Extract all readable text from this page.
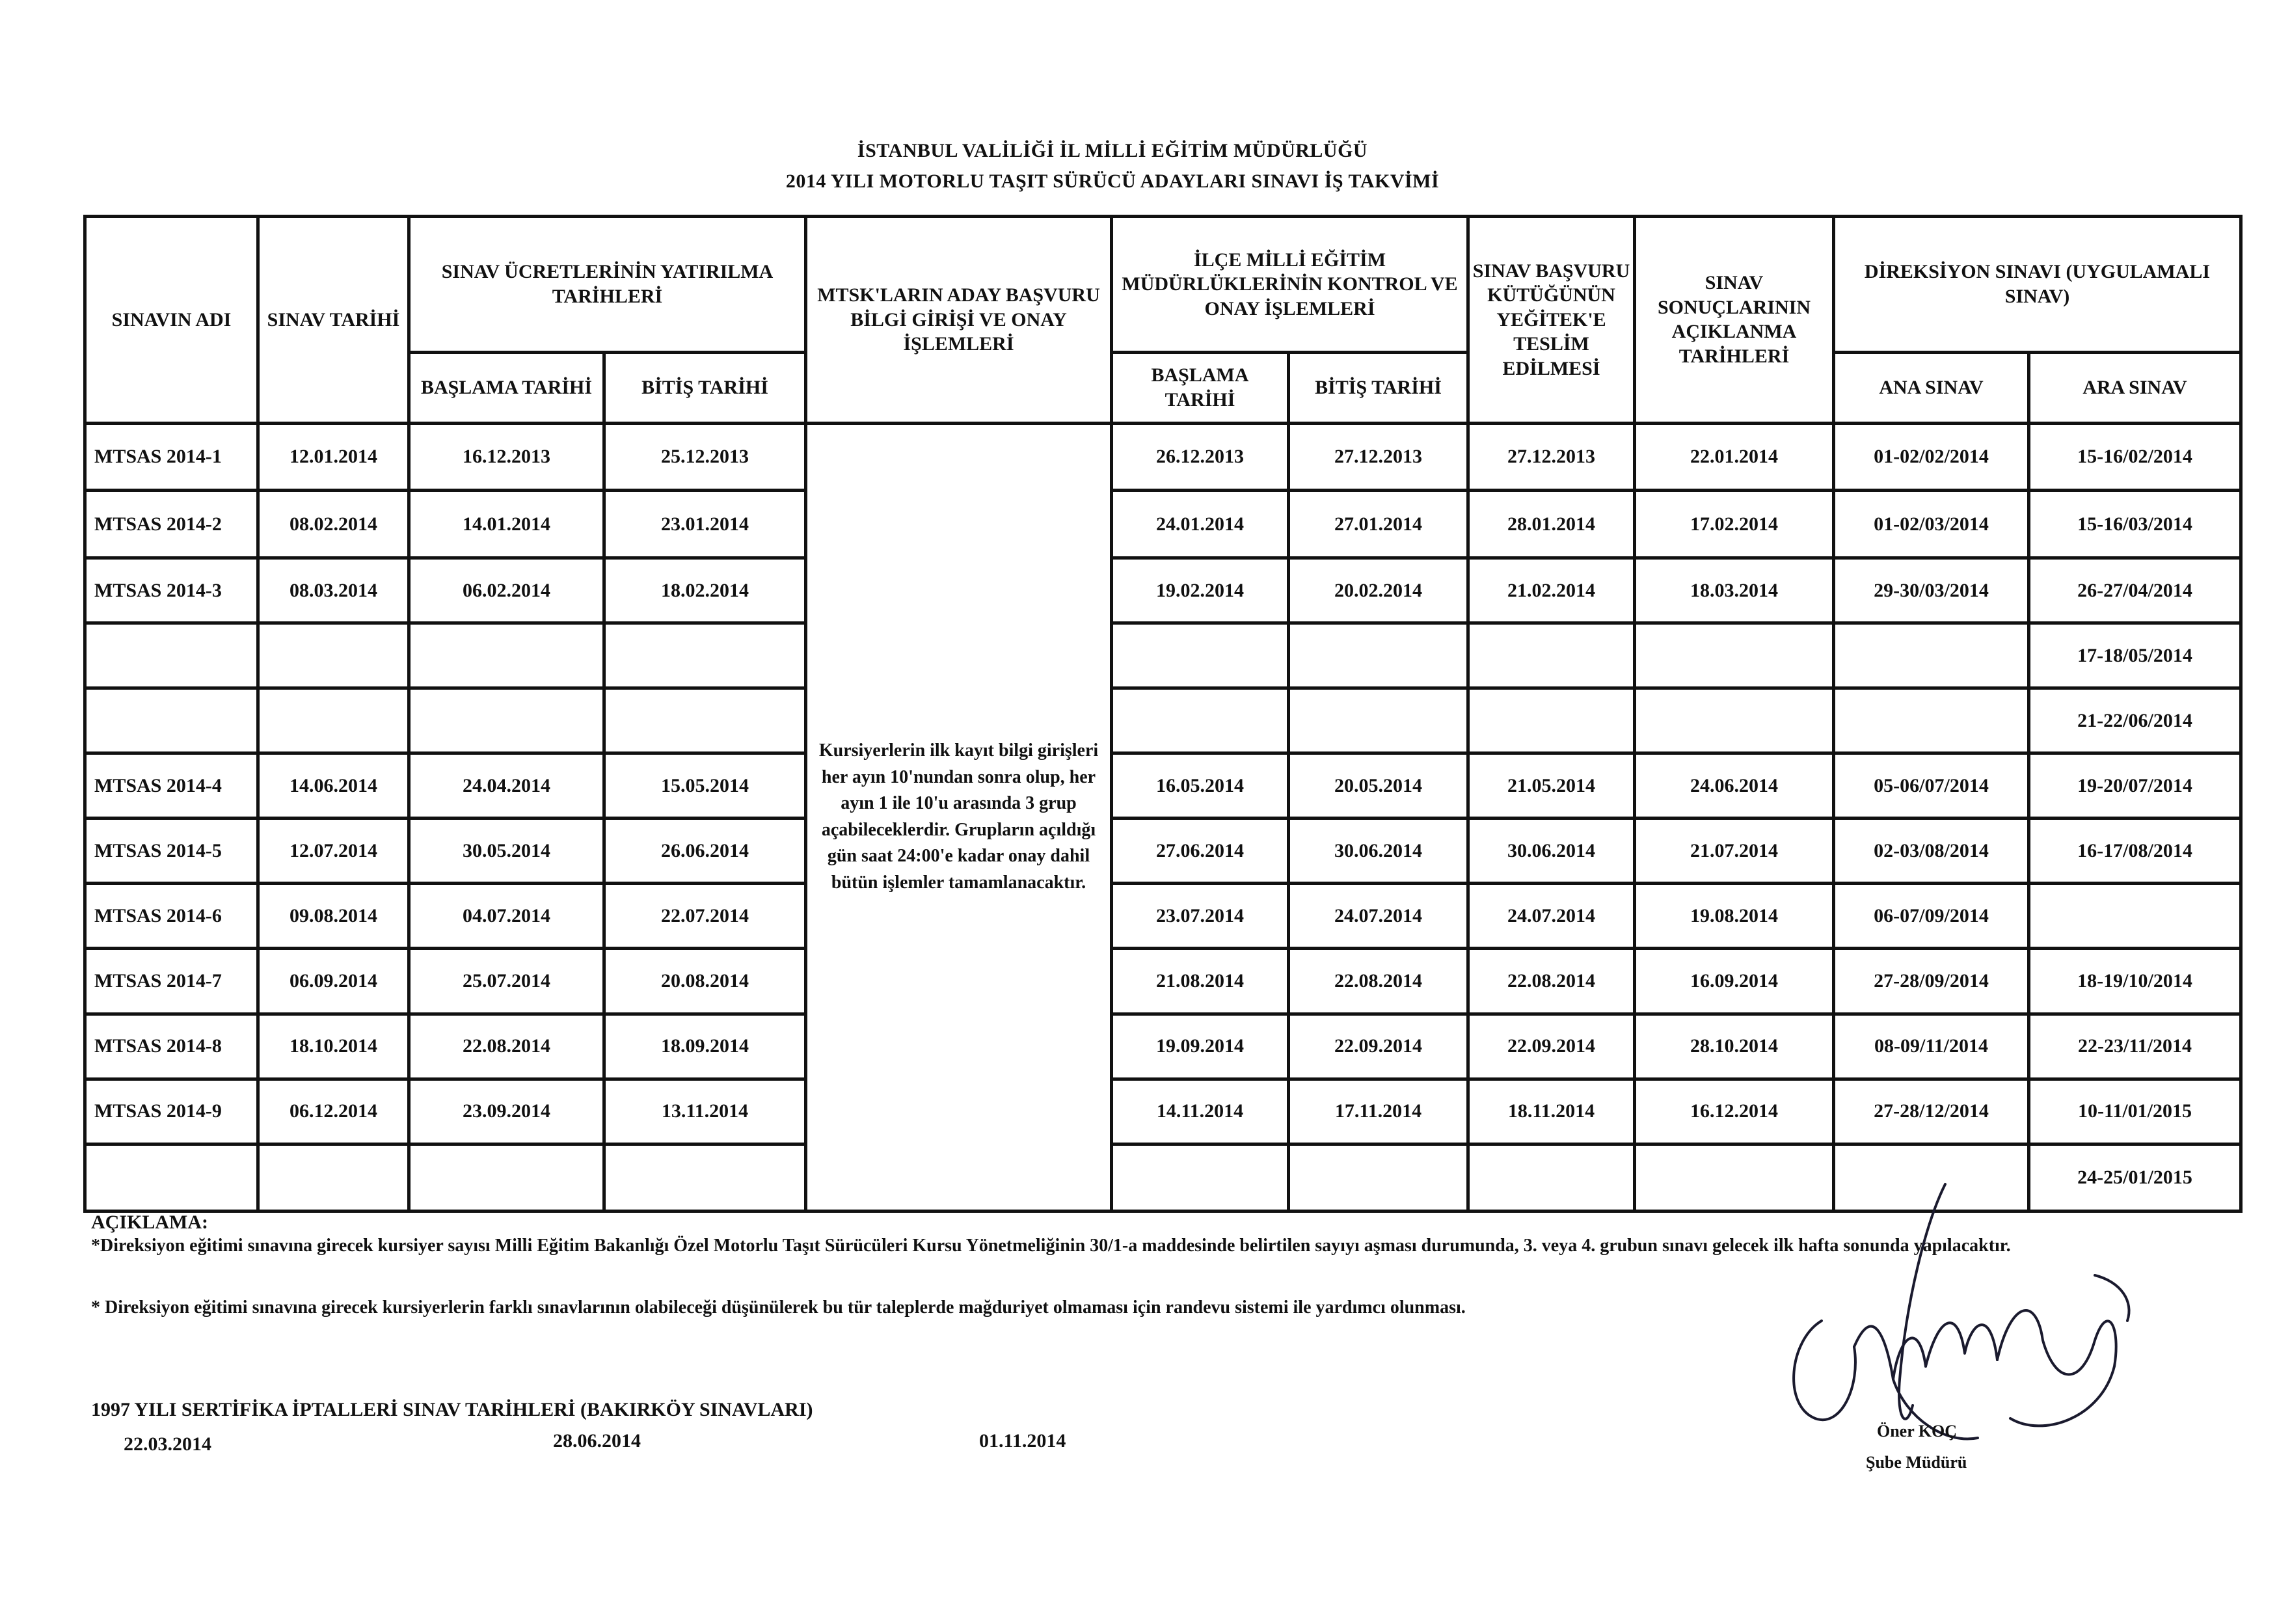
İSTANBUL VALİLİĞİ İL MİLLİ EĞİTİM MÜDÜRLÜĞÜ
2014 YILI MOTORLU TAŞIT SÜRÜCÜ ADAYLARI SINAVI İŞ TAKVİMİ
SINAVIN ADI	SINAV TARİHİ	SINAV ÜCRETLERİNİN YATIRILMA TARİHLERİ		MTSK'LARIN ADAY BAŞVURU BİLGİ GİRİŞİ VE ONAY İŞLEMLERİ	İLÇE MİLLİ EĞİTİM MÜDÜRLÜKLERİNİN KONTROL VE ONAY İŞLEMLERİ		SINAV BAŞVURU KÜTÜĞÜNÜN YEĞİTEK'E TESLİM EDİLMESİ	SINAV SONUÇLARININ AÇIKLANMA TARİHLERİ	DİREKSİYON SINAVI (UYGULAMALI SINAV)	
		BAŞLAMA TARİHİ	BİTİŞ TARİHİ		BAŞLAMA TARİHİ	BİTİŞ TARİHİ			ANA SINAV	ARA SINAV
MTSAS 2014-1	12.01.2014	16.12.2013	25.12.2013	Kursiyerlerin ilk kayıt bilgi girişleri her ayın 10'nundan sonra olup, her ayın 1 ile 10'u arasında 3 grup açabileceklerdir. Grupların açıldığı gün saat 24:00'e kadar onay dahil bütün işlemler tamamlanacaktır.	26.12.2013	27.12.2013	27.12.2013	22.01.2014	01-02/02/2014	15-16/02/2014
MTSAS 2014-2	08.02.2014	14.01.2014	23.01.2014		24.01.2014	27.01.2014	28.01.2014	17.02.2014	01-02/03/2014	15-16/03/2014
MTSAS 2014-3	08.03.2014	06.02.2014	18.02.2014		19.02.2014	20.02.2014	21.02.2014	18.03.2014	29-30/03/2014	26-27/04/2014
										17-18/05/2014
										21-22/06/2014
MTSAS 2014-4	14.06.2014	24.04.2014	15.05.2014		16.05.2014	20.05.2014	21.05.2014	24.06.2014	05-06/07/2014	19-20/07/2014
MTSAS 2014-5	12.07.2014	30.05.2014	26.06.2014		27.06.2014	30.06.2014	30.06.2014	21.07.2014	02-03/08/2014	16-17/08/2014
MTSAS 2014-6	09.08.2014	04.07.2014	22.07.2014		23.07.2014	24.07.2014	24.07.2014	19.08.2014	06-07/09/2014	
MTSAS 2014-7	06.09.2014	25.07.2014	20.08.2014		21.08.2014	22.08.2014	22.08.2014	16.09.2014	27-28/09/2014	18-19/10/2014
MTSAS 2014-8	18.10.2014	22.08.2014	18.09.2014		19.09.2014	22.09.2014	22.09.2014	28.10.2014	08-09/11/2014	22-23/11/2014
MTSAS 2014-9	06.12.2014	23.09.2014	13.11.2014		14.11.2014	17.11.2014	18.11.2014	16.12.2014	27-28/12/2014	10-11/01/2015
										24-25/01/2015
AÇIKLAMA:
*Direksiyon eğitimi sınavına girecek kursiyer sayısı Milli Eğitim Bakanlığı Özel Motorlu Taşıt Sürücüleri Kursu Yönetmeliğinin 30/1-a maddesinde belirtilen sayıyı aşması durumunda, 3. veya 4. grubun sınavı gelecek ilk hafta sonunda yapılacaktır.
* Direksiyon eğitimi sınavına girecek kursiyerlerin farklı sınavlarının olabileceği düşünülerek bu tür taleplerde mağduriyet olmaması için randevu sistemi ile yardımcı olunması.
1997 YILI SERTİFİKA İPTALLERİ SINAV TARİHLERİ (BAKIRKÖY SINAVLARI)
22.03.2014	28.06.2014	01.11.2014	Öner KOÇ
Şube Müdürü
